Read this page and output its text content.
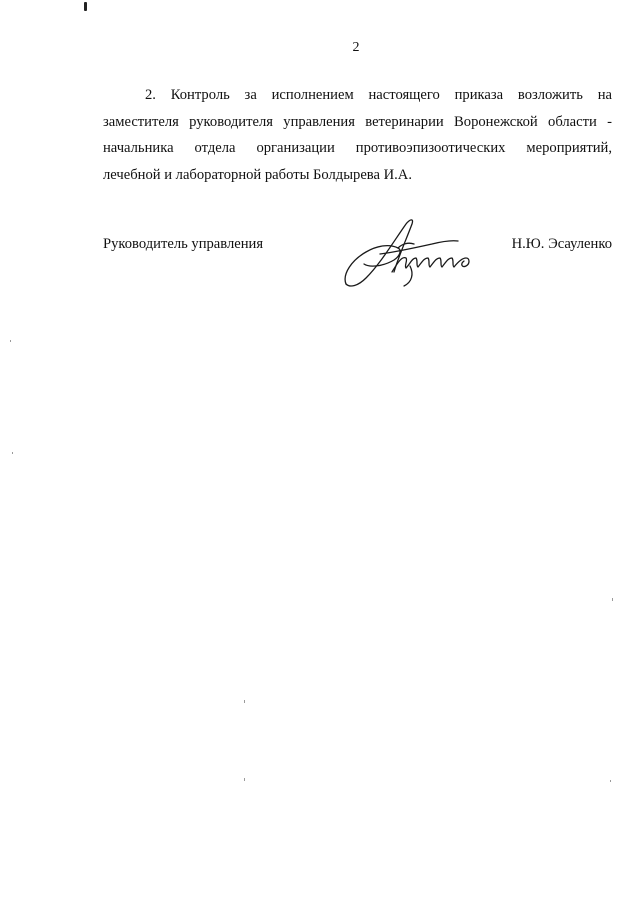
2

2. Контроль за исполнением настоящего приказа возложить на
заместителя руководителя управления ветеринарии Воронежской области -
начальника отдела организации противоэпизоотических мероприятий,
лечебной и лабораторной работы Болдырева И.А.

Руководитель управления	Н.Ю. Эсауленко
